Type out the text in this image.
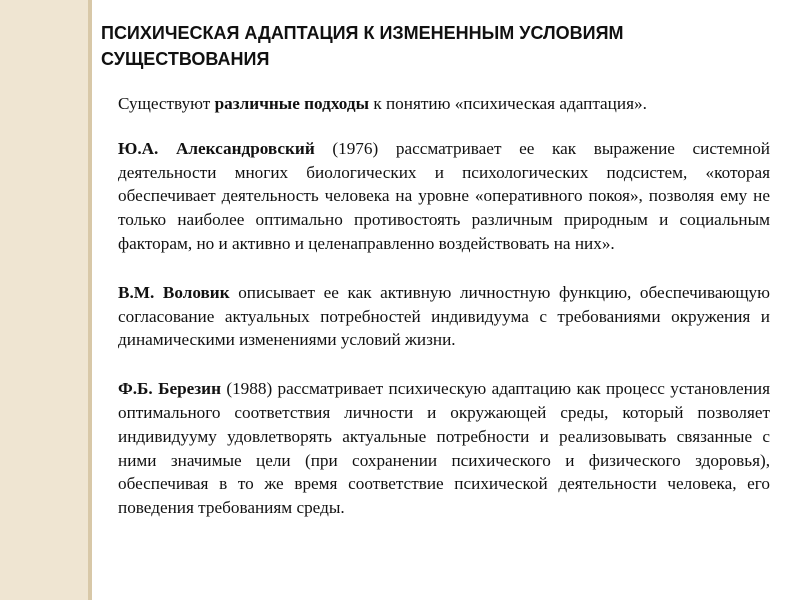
ПСИХИЧЕСКАЯ АДАПТАЦИЯ К ИЗМЕНЕННЫМ УСЛОВИЯМ
СУЩЕСТВОВАНИЯ

Существуют различные подходы к понятию «психическая адаптация».

Ю.А. Александровский (1976) рассматривает ее как выражение системной деятельности многих биологических и психологических подсистем, «которая обеспечивает деятельность человека на уровне «оперативного покоя», позволяя ему не только наиболее оптимально противостоять различным природным и социальным факторам, но и активно и целенаправленно воздействовать на них».

В.М. Воловик описывает ее как активную личностную функцию, обеспечивающую согласование актуальных потребностей индивидуума с требованиями окружения и динамическими изменениями условий жизни.

Ф.Б. Березин (1988) рассматривает психическую адаптацию как процесс установления оптимального соответствия личности и окружающей среды, который позволяет индивидууму удовлетворять актуальные потребности и реализовывать связанные с ними значимые цели (при сохранении психического и физического здоровья), обеспечивая в то же время соответствие психической деятельности человека, его поведения требованиям среды.
